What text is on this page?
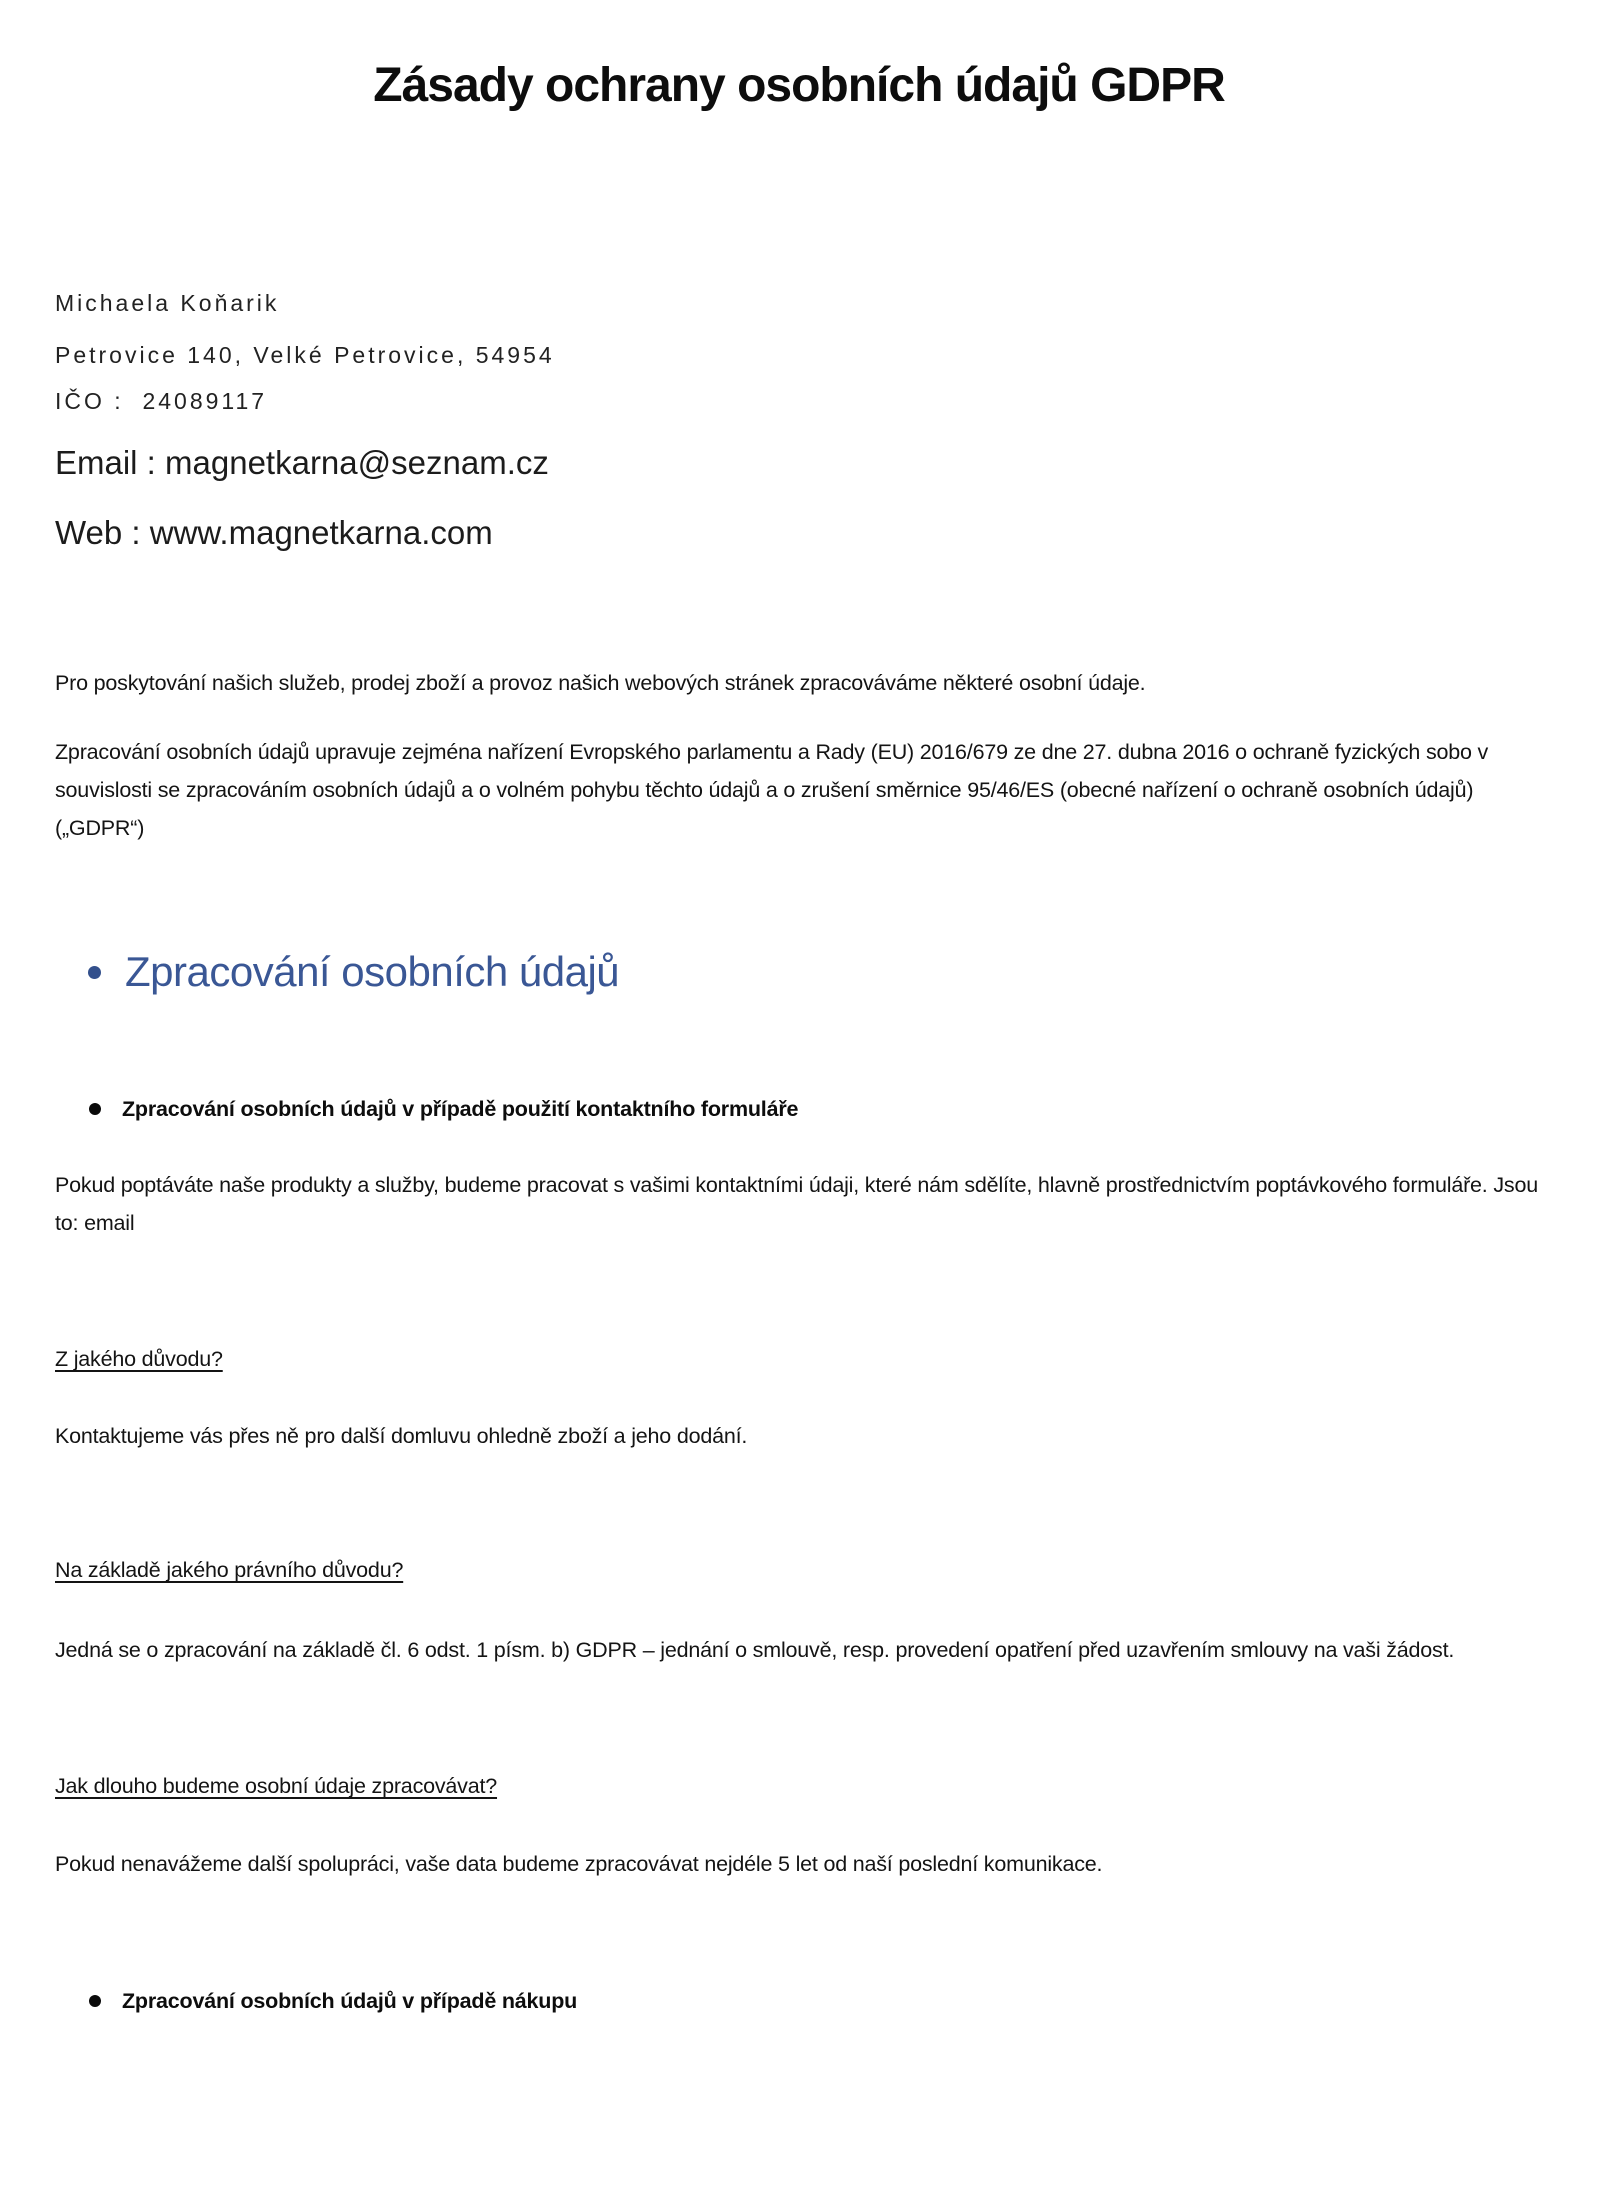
Zásady ochrany osobních údajů GDPR

Michaela Koňarik

Petrovice 140, Velké Petrovice, 54954

IČO :  24089117

Email : magnetkarna@seznam.cz

Web : www.magnetkarna.com

Pro poskytování našich služeb, prodej zboží a provoz našich webových stránek zpracováváme některé osobní údaje.

Zpracování osobních údajů upravuje zejména nařízení Evropského parlamentu a Rady (EU) 2016/679 ze dne 27. dubna 2016 o ochraně fyzických sobo v souvislosti se zpracováním osobních údajů a o volném pohybu těchto údajů a o zrušení směrnice 95/46/ES (obecné nařízení o ochraně osobních údajů) („GDPR“)

Zpracování osobních údajů
Zpracování osobních údajů v případě použití kontaktního formuláře

Pokud poptáváte naše produkty a služby, budeme pracovat s vašimi kontaktními údaji, které nám sdělíte, hlavně prostřednictvím poptávkového formuláře. Jsou to: email

Z jakého důvodu?

Kontaktujeme vás přes ně pro další domluvu ohledně zboží a jeho dodání.

Na základě jakého právního důvodu?

Jedná se o zpracování na základě čl. 6 odst. 1 písm. b) GDPR – jednání o smlouvě, resp. provedení opatření před uzavřením smlouvy na vaši žádost.

Jak dlouho budeme osobní údaje zpracovávat?

Pokud nenavážeme další spolupráci, vaše data budeme zpracovávat nejdéle 5 let od naší poslední komunikace.

Zpracování osobních údajů v případě nákupu
